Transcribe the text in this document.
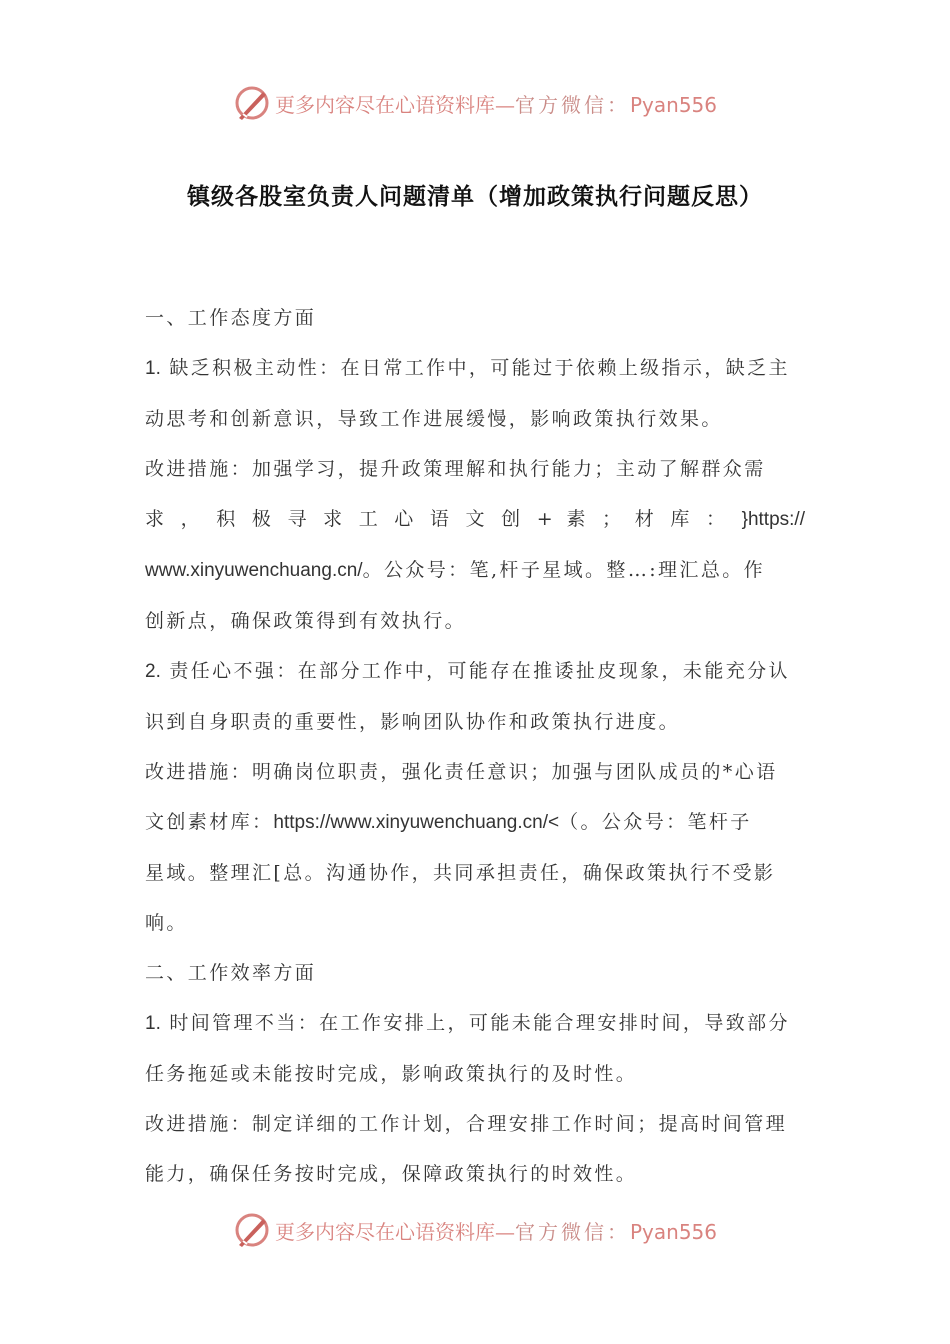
更多内容尽在心语资料库—官方微信：Pyan556
镇级各股室负责人问题清单（增加政策执行问题反思）

一、工作态度方面

1. 缺乏积极主动性：在日常工作中，可能过于依赖上级指示，缺乏主动思考和创新意识，导致工作进展缓慢，影响政策执行效果。

改进措施：加强学习，提升政策理解和执行能力；主动了解群众需

求 ， 积 极 寻 求 工 心 语 文 创 + 素 ； 材 库 ： }https://

www.xinyuwenchuang.cn/。公众号：笔,杆子星域。整…:理汇总。作

创新点，确保政策得到有效执行。

2. 责任心不强：在部分工作中，可能存在推诿扯皮现象，未能充分认识到自身职责的重要性，影响团队协作和政策执行进度。

改进措施：明确岗位职责，强化责任意识；加强与团队成员的*心语

文创素材库：https://www.xinyuwenchuang.cn/<（。公众号：笔杆子

星域。整理汇[总。沟通协作，共同承担责任，确保政策执行不受影响。

二、工作效率方面

1. 时间管理不当：在工作安排上，可能未能合理安排时间，导致部分任务拖延或未能按时完成，影响政策执行的及时性。

改进措施：制定详细的工作计划，合理安排工作时间；提高时间管理能力，确保任务按时完成，保障政策执行的时效性。

更多内容尽在心语资料库—官方微信：Pyan556
